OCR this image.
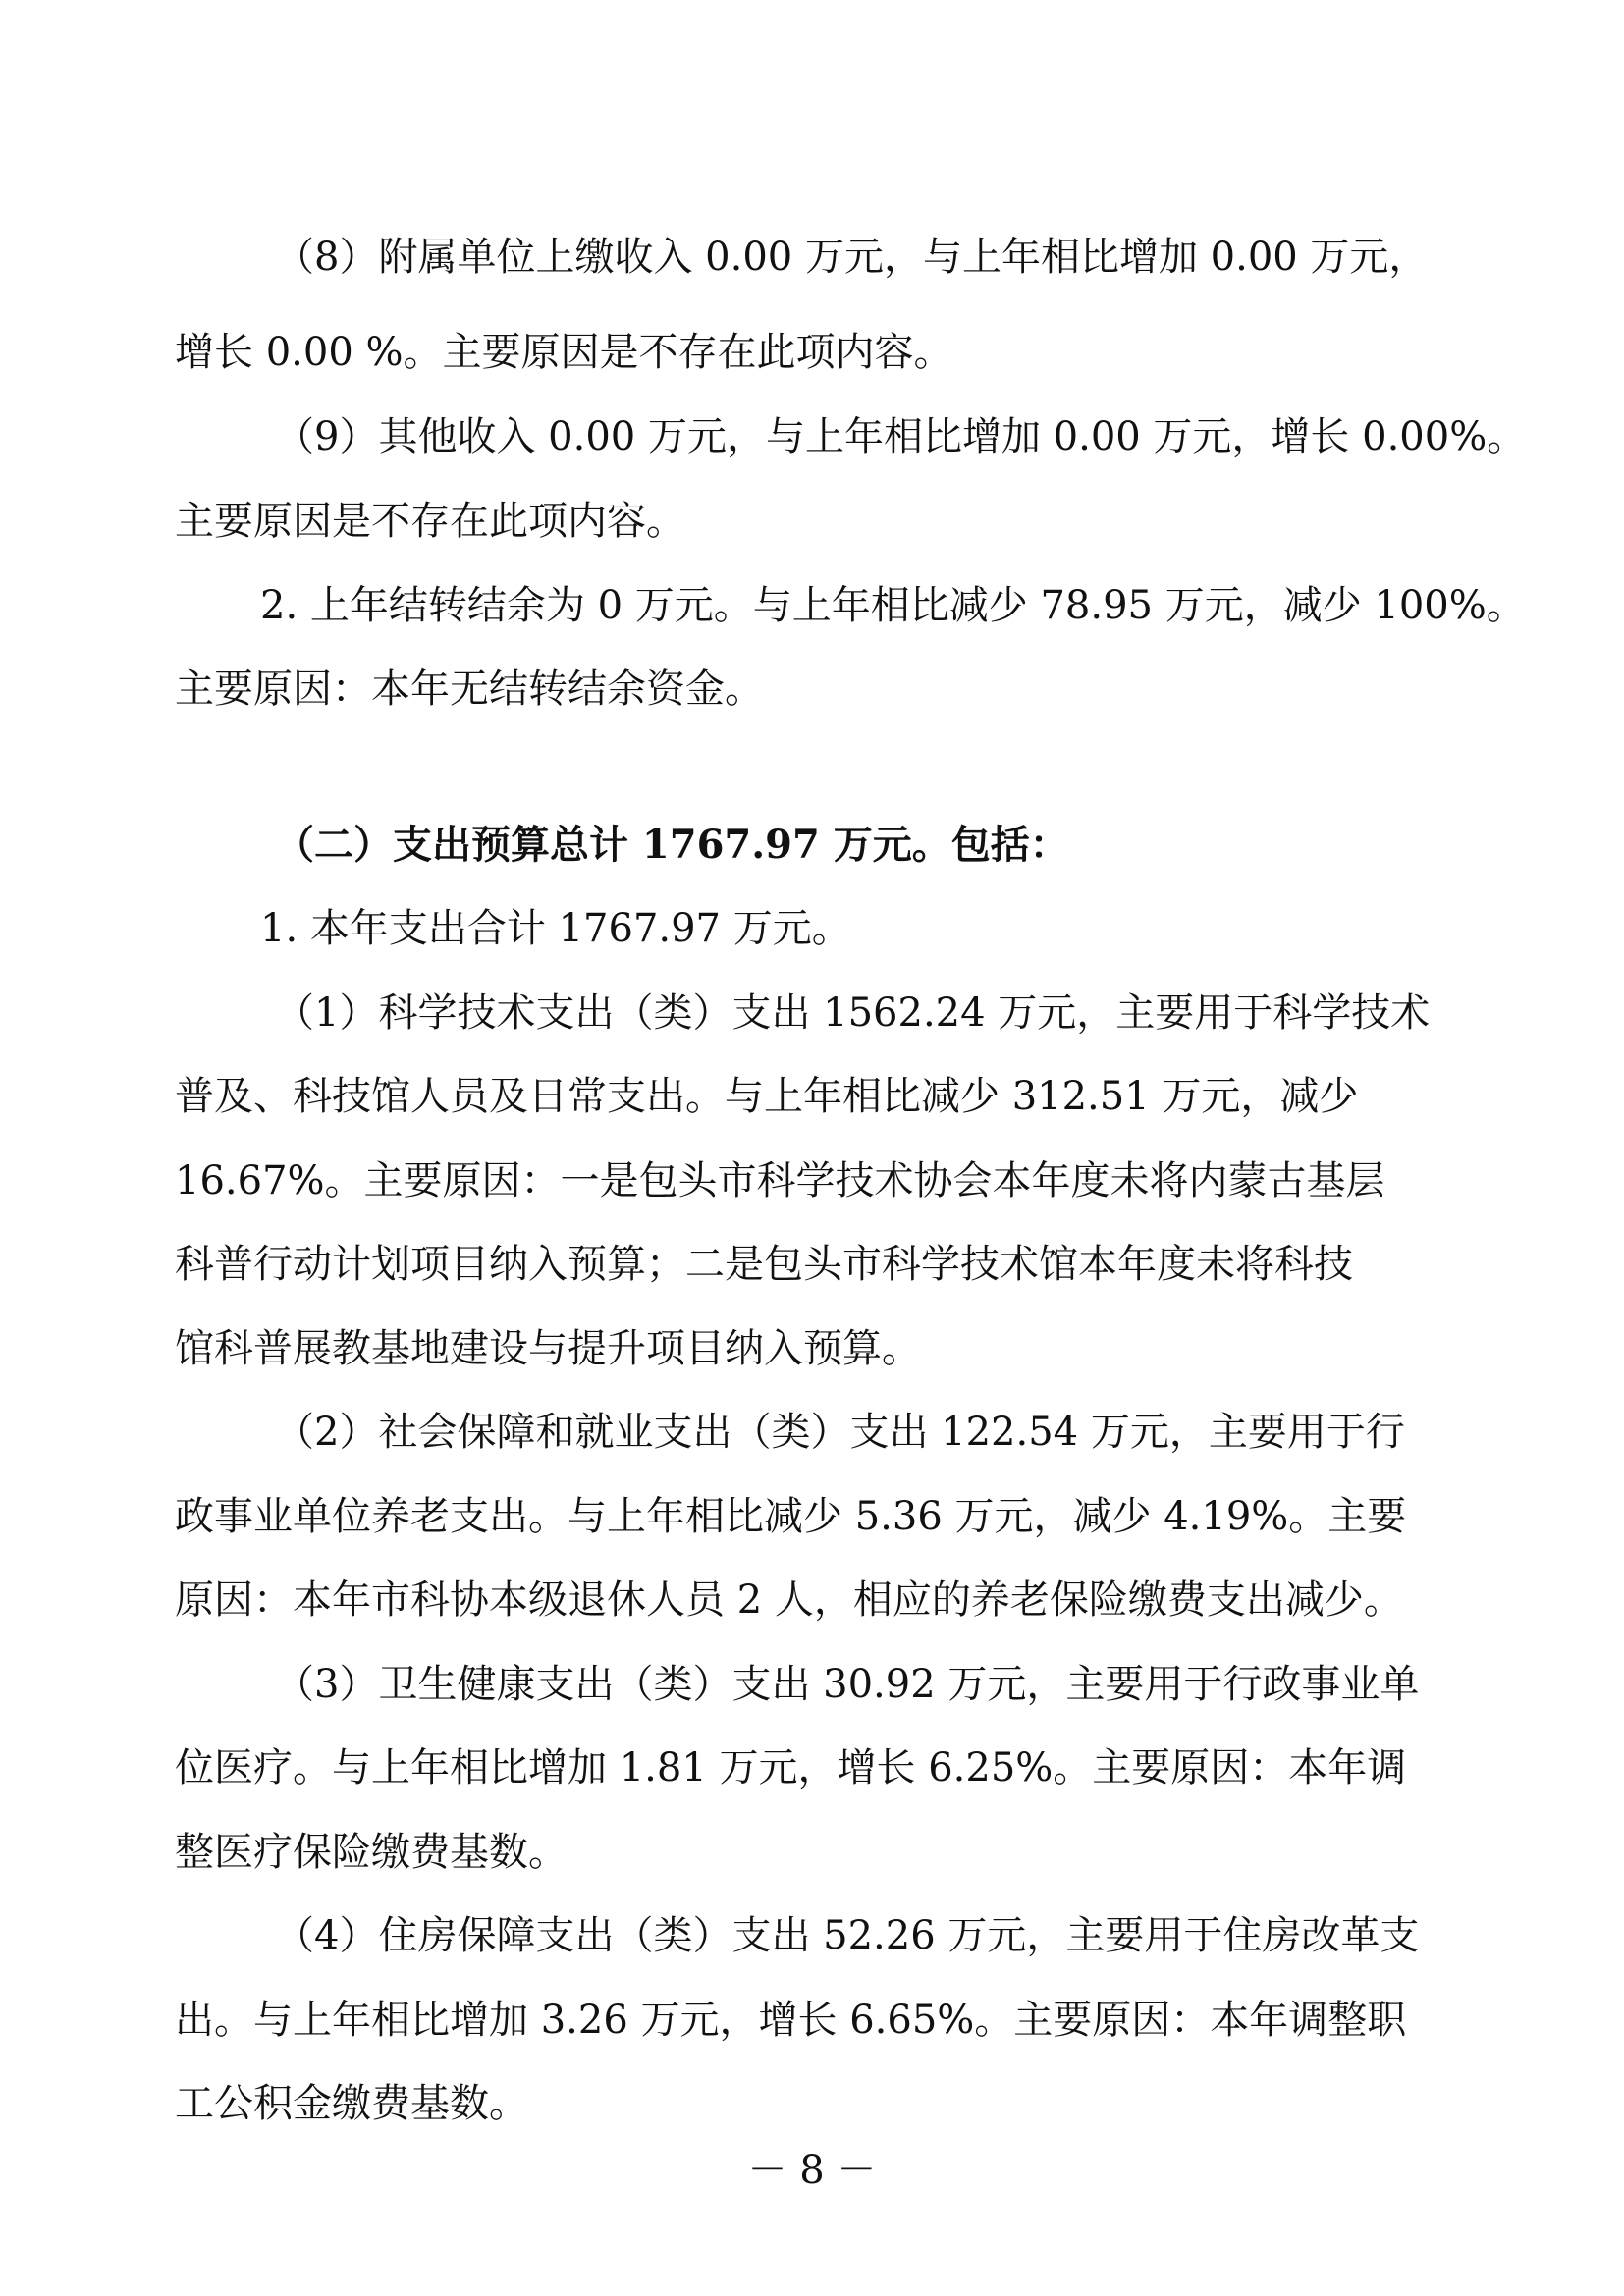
（8）附属单位上缴收入 0.00 万元，与上年相比增加 0.00 万元，
增长 0.00 %。主要原因是不存在此项内容。
（9）其他收入 0.00 万元，与上年相比增加 0.00 万元，增长 0.00%。
主要原因是不存在此项内容。
2. 上年结转结余为 0 万元。与上年相比减少 78.95 万元，减少 100%。
主要原因：本年无结转结余资金。
（二）支出预算总计 1767.97 万元。包括：
1. 本年支出合计 1767.97 万元。
（1）科学技术支出（类）支出 1562.24 万元，主要用于科学技术
普及、科技馆人员及日常支出。与上年相比减少 312.51 万元，减少
16.67%。主要原因：一是包头市科学技术协会本年度未将内蒙古基层
科普行动计划项目纳入预算；二是包头市科学技术馆本年度未将科技
馆科普展教基地建设与提升项目纳入预算。
（2）社会保障和就业支出（类）支出 122.54 万元，主要用于行
政事业单位养老支出。与上年相比减少 5.36 万元，减少 4.19%。主要
原因：本年市科协本级退休人员 2 人，相应的养老保险缴费支出减少。
（3）卫生健康支出（类）支出 30.92 万元，主要用于行政事业单
位医疗。与上年相比增加 1.81 万元，增长 6.25%。主要原因：本年调
整医疗保险缴费基数。
（4）住房保障支出（类）支出 52.26 万元，主要用于住房改革支
出。与上年相比增加 3.26 万元，增长 6.65%。主要原因：本年调整职
工公积金缴费基数。
－ 8 －
